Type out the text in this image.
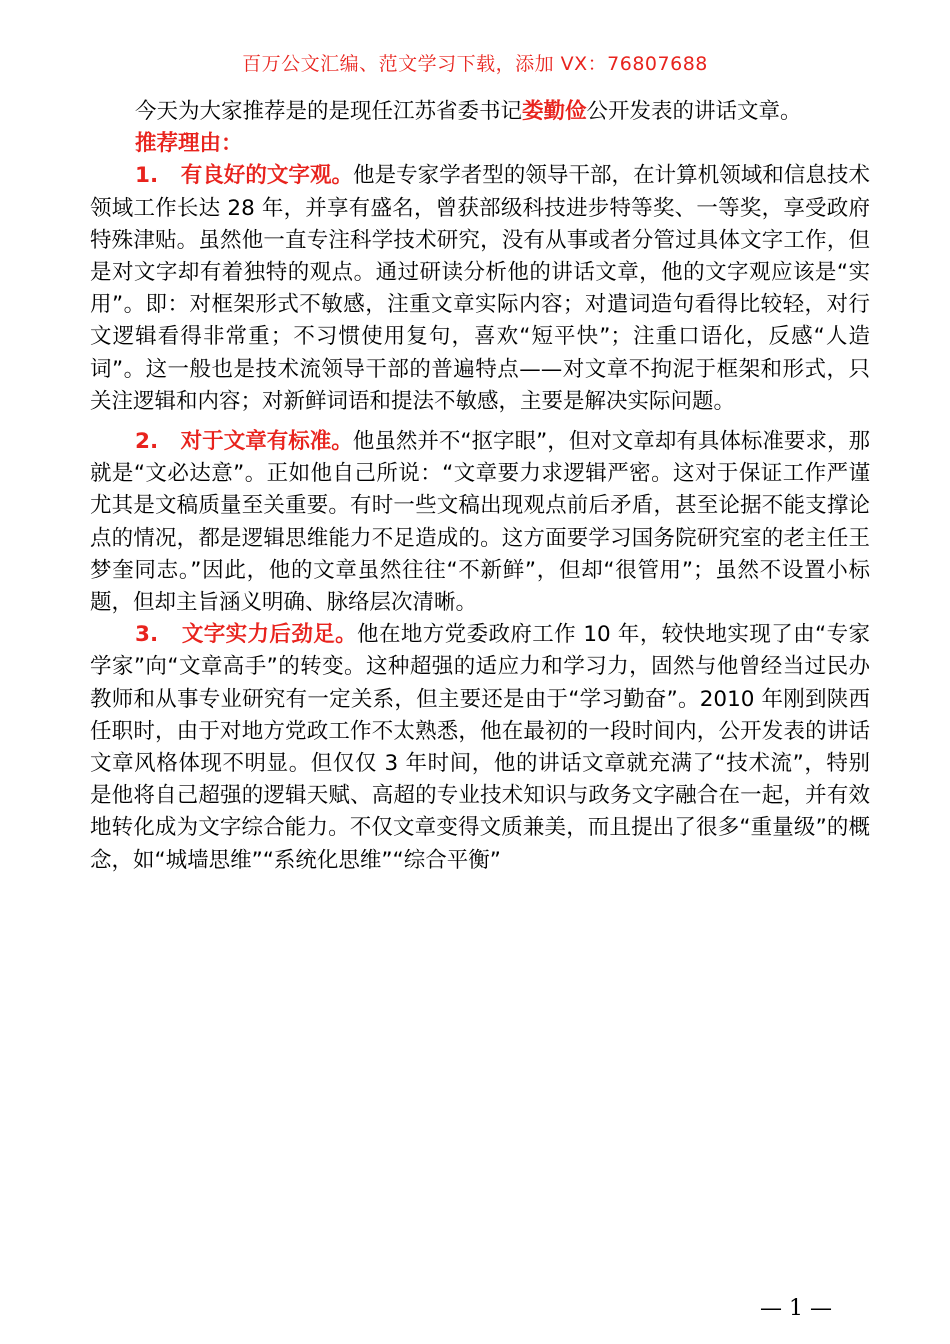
百万公文汇编、范文学习下载，添加 VX：76807688

今天为大家推荐是的是现任江苏省委书记娄勤俭公开发表的讲话文章。

推荐理由：

1. 有良好的文字观。他是专家学者型的领导干部，在计算机领域和信息技术领域工作长达 28 年，并享有盛名，曾获部级科技进步特等奖、一等奖，享受政府特殊津贴。虽然他一直专注科学技术研究，没有从事或者分管过具体文字工作，但是对文字却有着独特的观点。通过研读分析他的讲话文章，他的文字观应该是“实用”。即：对框架形式不敏感，注重文章实际内容；对遣词造句看得比较轻，对行文逻辑看得非常重；不习惯使用复句，喜欢“短平快”；注重口语化，反感“人造词”。这一般也是技术流领导干部的普遍特点——对文章不拘泥于框架和形式，只关注逻辑和内容；对新鲜词语和提法不敏感，主要是解决实际问题。

2. 对于文章有标准。他虽然并不“抠字眼”，但对文章却有具体标准要求，那就是“文必达意”。正如他自己所说：“文章要力求逻辑严密。这对于保证工作严谨尤其是文稿质量至关重要。有时一些文稿出现观点前后矛盾，甚至论据不能支撑论点的情况，都是逻辑思维能力不足造成的。这方面要学习国务院研究室的老主任王梦奎同志。”因此，他的文章虽然往往“不新鲜”，但却“很管用”；虽然不设置小标题，但却主旨涵义明确、脉络层次清晰。

3. 文字实力后劲足。他在地方党委政府工作 10 年，较快地实现了由“专家学家”向“文章高手”的转变。这种超强的适应力和学习力，固然与他曾经当过民办教师和从事专业研究有一定关系，但主要还是由于“学习勤奋”。2010 年刚到陕西任职时，由于对地方党政工作不太熟悉，他在最初的一段时间内，公开发表的讲话文章风格体现不明显。但仅仅 3 年时间，他的讲话文章就充满了“技术流”，特别是他将自己超强的逻辑天赋、高超的专业技术知识与政务文字融合在一起，并有效地转化成为文字综合能力。不仅文章变得文质兼美，而且提出了很多“重量级”的概念，如“城墙思维”“系统化思维”“综合平衡”

— 1 —
